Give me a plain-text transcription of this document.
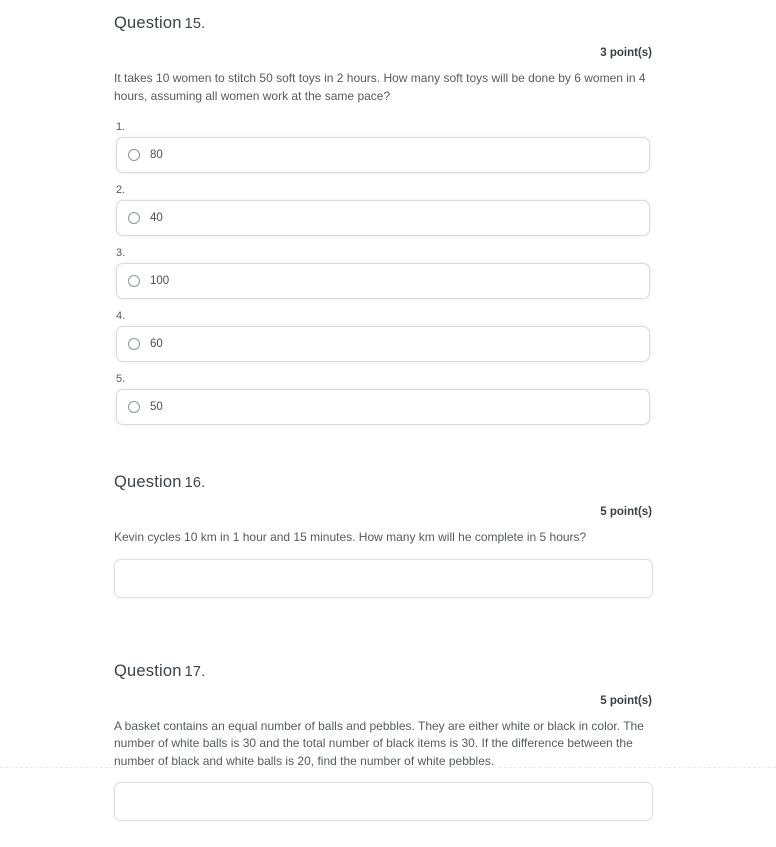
Question 15.
3 point(s)

It takes 10 women to stitch 50 soft toys in 2 hours. How many soft toys will be done by 6 women in 4 hours, assuming all women work at the same pace?

1.
80
2.
40
3.
100
4.
60
5.
50
Question 16.
5 point(s)

Kevin cycles 10 km in 1 hour and 15 minutes. How many km will he complete in 5 hours?

Question 17.
5 point(s)

A basket contains an equal number of balls and pebbles. They are either white or black in color. The number of white balls is 30 and the total number of black items is 30. If the difference between the number of black and white balls is 20, find the number of white pebbles.
